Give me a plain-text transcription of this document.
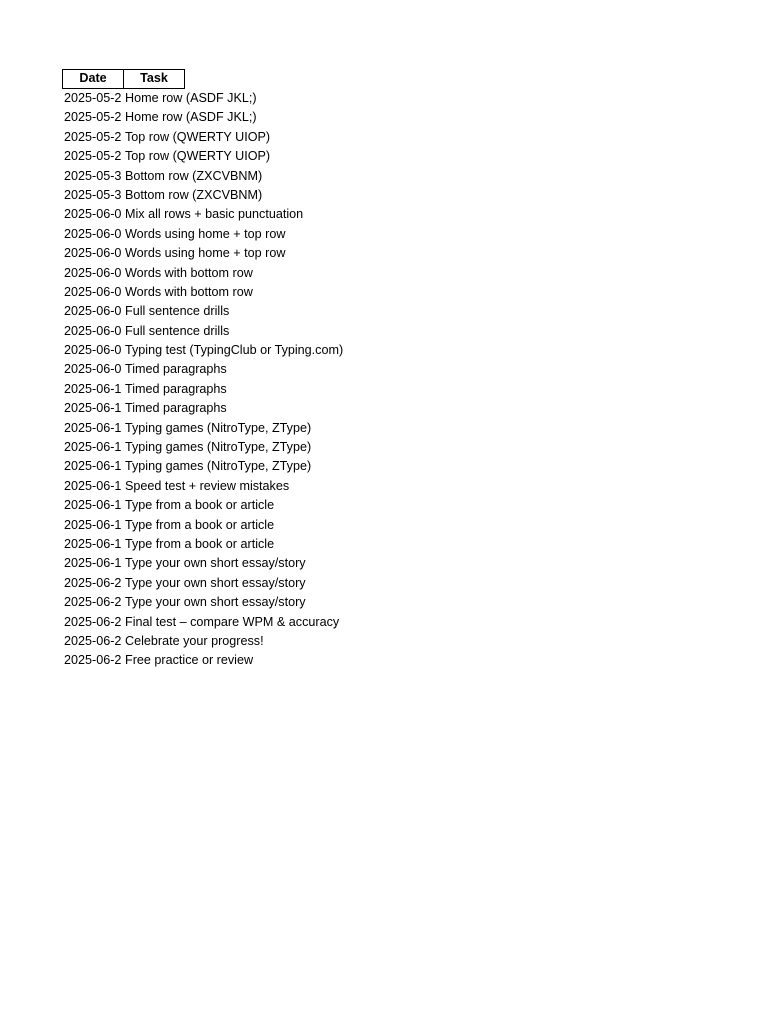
Date	Task
2025-05-2 Home row (ASDF JKL;)
2025-05-2 Home row (ASDF JKL;)
2025-05-2 Top row (QWERTY UIOP)
2025-05-2 Top row (QWERTY UIOP)
2025-05-3 Bottom row (ZXCVBNM)
2025-05-3 Bottom row (ZXCVBNM)
2025-06-0 Mix all rows + basic punctuation
2025-06-0 Words using home + top row
2025-06-0 Words using home + top row
2025-06-0 Words with bottom row
2025-06-0 Words with bottom row
2025-06-0 Full sentence drills
2025-06-0 Full sentence drills
2025-06-0 Typing test (TypingClub or Typing.com)
2025-06-0 Timed paragraphs
2025-06-1 Timed paragraphs
2025-06-1 Timed paragraphs
2025-06-1 Typing games (NitroType, ZType)
2025-06-1 Typing games (NitroType, ZType)
2025-06-1 Typing games (NitroType, ZType)
2025-06-1 Speed test + review mistakes
2025-06-1 Type from a book or article
2025-06-1 Type from a book or article
2025-06-1 Type from a book or article
2025-06-1 Type your own short essay/story
2025-06-2 Type your own short essay/story
2025-06-2 Type your own short essay/story
2025-06-2 Final test – compare WPM & accuracy
2025-06-2 Celebrate your progress!
2025-06-2 Free practice or review
